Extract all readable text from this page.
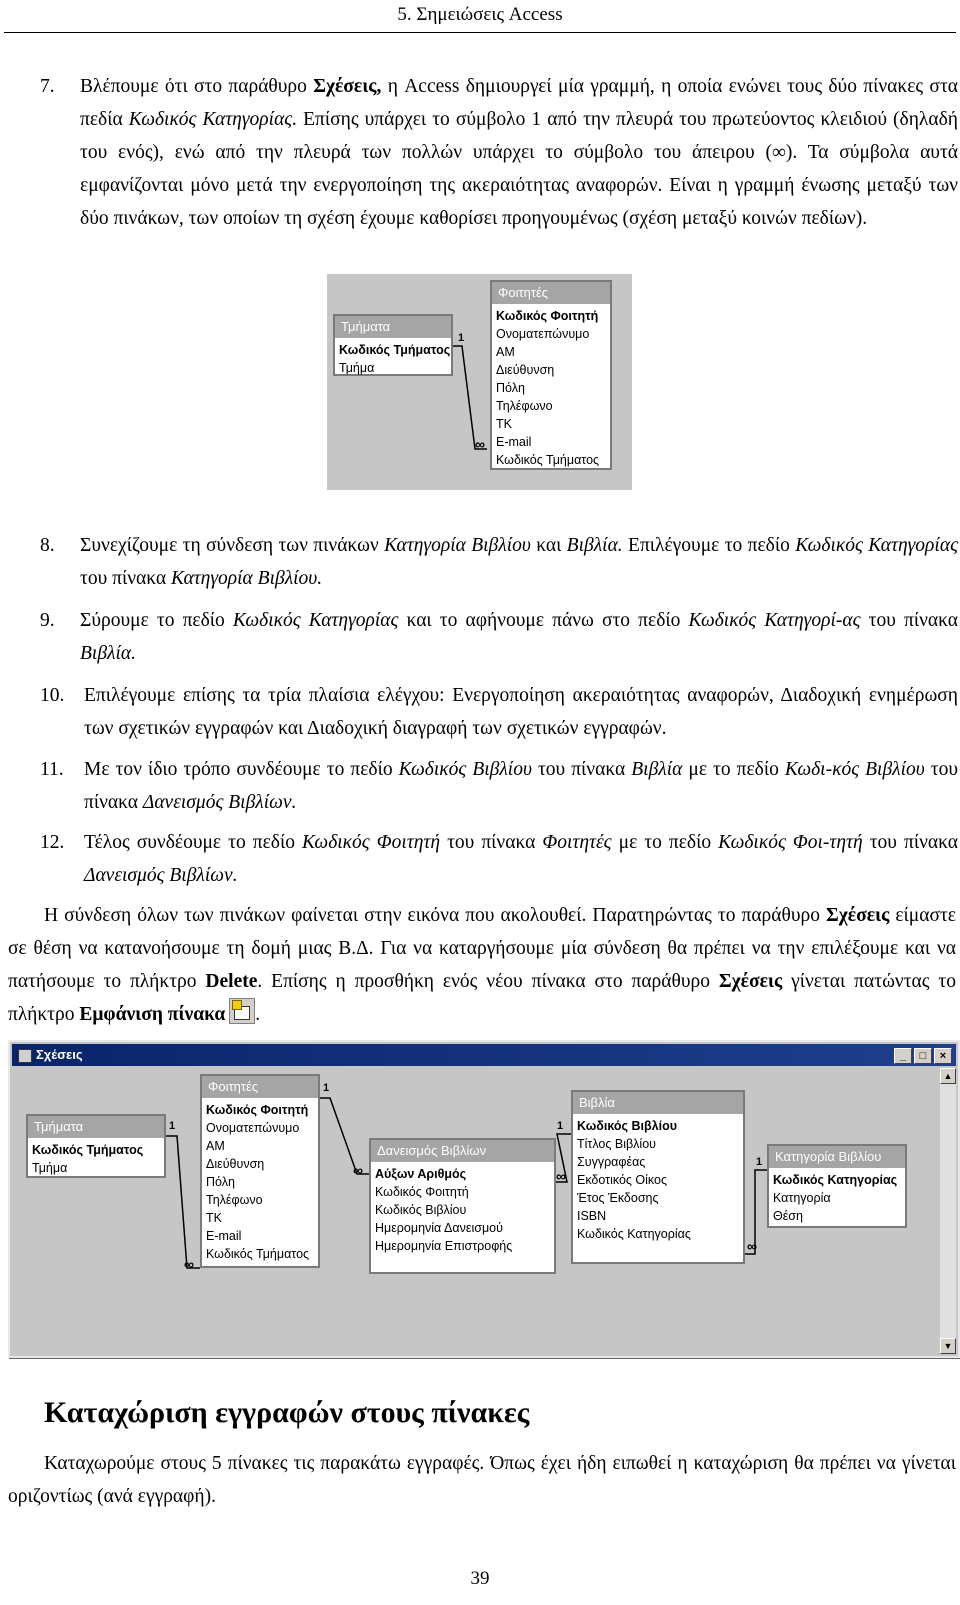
5. Σημειώσεις Access
7. Βλέπουμε ότι στο παράθυρο Σχέσεις, η Access δημιουργεί μία γραμμή, η οποία ενώνει τους δύο πίνακες στα πεδία Κωδικός Κατηγορίας. Επίσης υπάρχει το σύμβολο 1 από την πλευρά του πρωτεύοντος κλειδιού (δηλαδή του ενός), ενώ από την πλευρά των πολλών υπάρχει το σύμβολο του άπειρου (∞). Τα σύμβολα αυτά εμφανίζονται μόνο μετά την ενεργοποίηση της ακεραιότητας αναφορών. Είναι η γραμμή ένωσης μεταξύ των δύο πινάκων, των οποίων τη σχέση έχουμε καθορίσει προηγουμένως (σχέση μεταξύ κοινών πεδίων).
Τμήματα
Κωδικός Τμήματος
Τμήμα
Φοιτητές
Κωδικός Φοιτητή
Ονοματεπώνυμο
ΑΜ
Διεύθυνση
Πόλη
Τηλέφωνο
ΤΚ
E-mail
Κωδικός Τμήματος
1
∞
8. Συνεχίζουμε τη σύνδεση των πινάκων Κατηγορία Βιβλίου και Βιβλία. Επιλέγουμε το πεδίο Κωδικός Κατηγορίας του πίνακα Κατηγορία Βιβλίου.
9. Σύρουμε το πεδίο Κωδικός Κατηγορίας και το αφήνουμε πάνω στο πεδίο Κωδικός Κατηγορί-ας του πίνακα Βιβλία.
10. Επιλέγουμε επίσης τα τρία πλαίσια ελέγχου: Ενεργοποίηση ακεραιότητας αναφορών, Διαδοχική ενημέρωση των σχετικών εγγραφών και Διαδοχική διαγραφή των σχετικών εγγραφών.
11. Με τον ίδιο τρόπο συνδέουμε το πεδίο Κωδικός Βιβλίου του πίνακα Βιβλία με το πεδίο Κωδι-κός Βιβλίου του πίνακα Δανεισμός Βιβλίων.
12. Τέλος συνδέουμε το πεδίο Κωδικός Φοιτητή του πίνακα Φοιτητές με το πεδίο Κωδικός Φοι-τητή του πίνακα Δανεισμός Βιβλίων.
Η σύνδεση όλων των πινάκων φαίνεται στην εικόνα που ακολουθεί. Παρατηρώντας το παράθυρο Σχέσεις είμαστε σε θέση να κατανοήσουμε τη δομή μιας Β.Δ. Για να καταργήσουμε μία σύνδεση θα πρέπει να την επιλέξουμε και να πατήσουμε το πλήκτρο Delete. Επίσης η προσθήκη ενός νέου πίνακα στο παράθυρο Σχέσεις γίνεται πατώντας το πλήκτρο Εμφάνιση πίνακα .
Σχέσεις	_	□	×
▲
▼
Τμήματα
Κωδικός Τμήματος
Τμήμα
Φοιτητές
Κωδικός Φοιτητή
Ονοματεπώνυμο
ΑΜ
Διεύθυνση
Πόλη
Τηλέφωνο
ΤΚ
E-mail
Κωδικός Τμήματος
Δανεισμός Βιβλίων
Αύξων Αριθμός
Κωδικός Φοιτητή
Κωδικός Βιβλίου
Ημερομηνία Δανεισμού
Ημερομηνία Επιστροφής
Βιβλία
Κωδικός Βιβλίου
Τίτλος Βιβλίου
Συγγραφέας
Εκδοτικός Οίκος
Έτος Έκδοσης
ISBN
Κωδικός Κατηγορίας
Κατηγορία Βιβλίου
Κωδικός Κατηγορίας
Κατηγορία
Θέση
1
∞
1
∞
1
∞
1
∞
Καταχώριση εγγραφών στους πίνακες
Καταχωρούμε στους 5 πίνακες τις παρακάτω εγγραφές. Όπως έχει ήδη ειπωθεί η καταχώριση θα πρέπει να γίνεται οριζοντίως (ανά εγγραφή).
39
